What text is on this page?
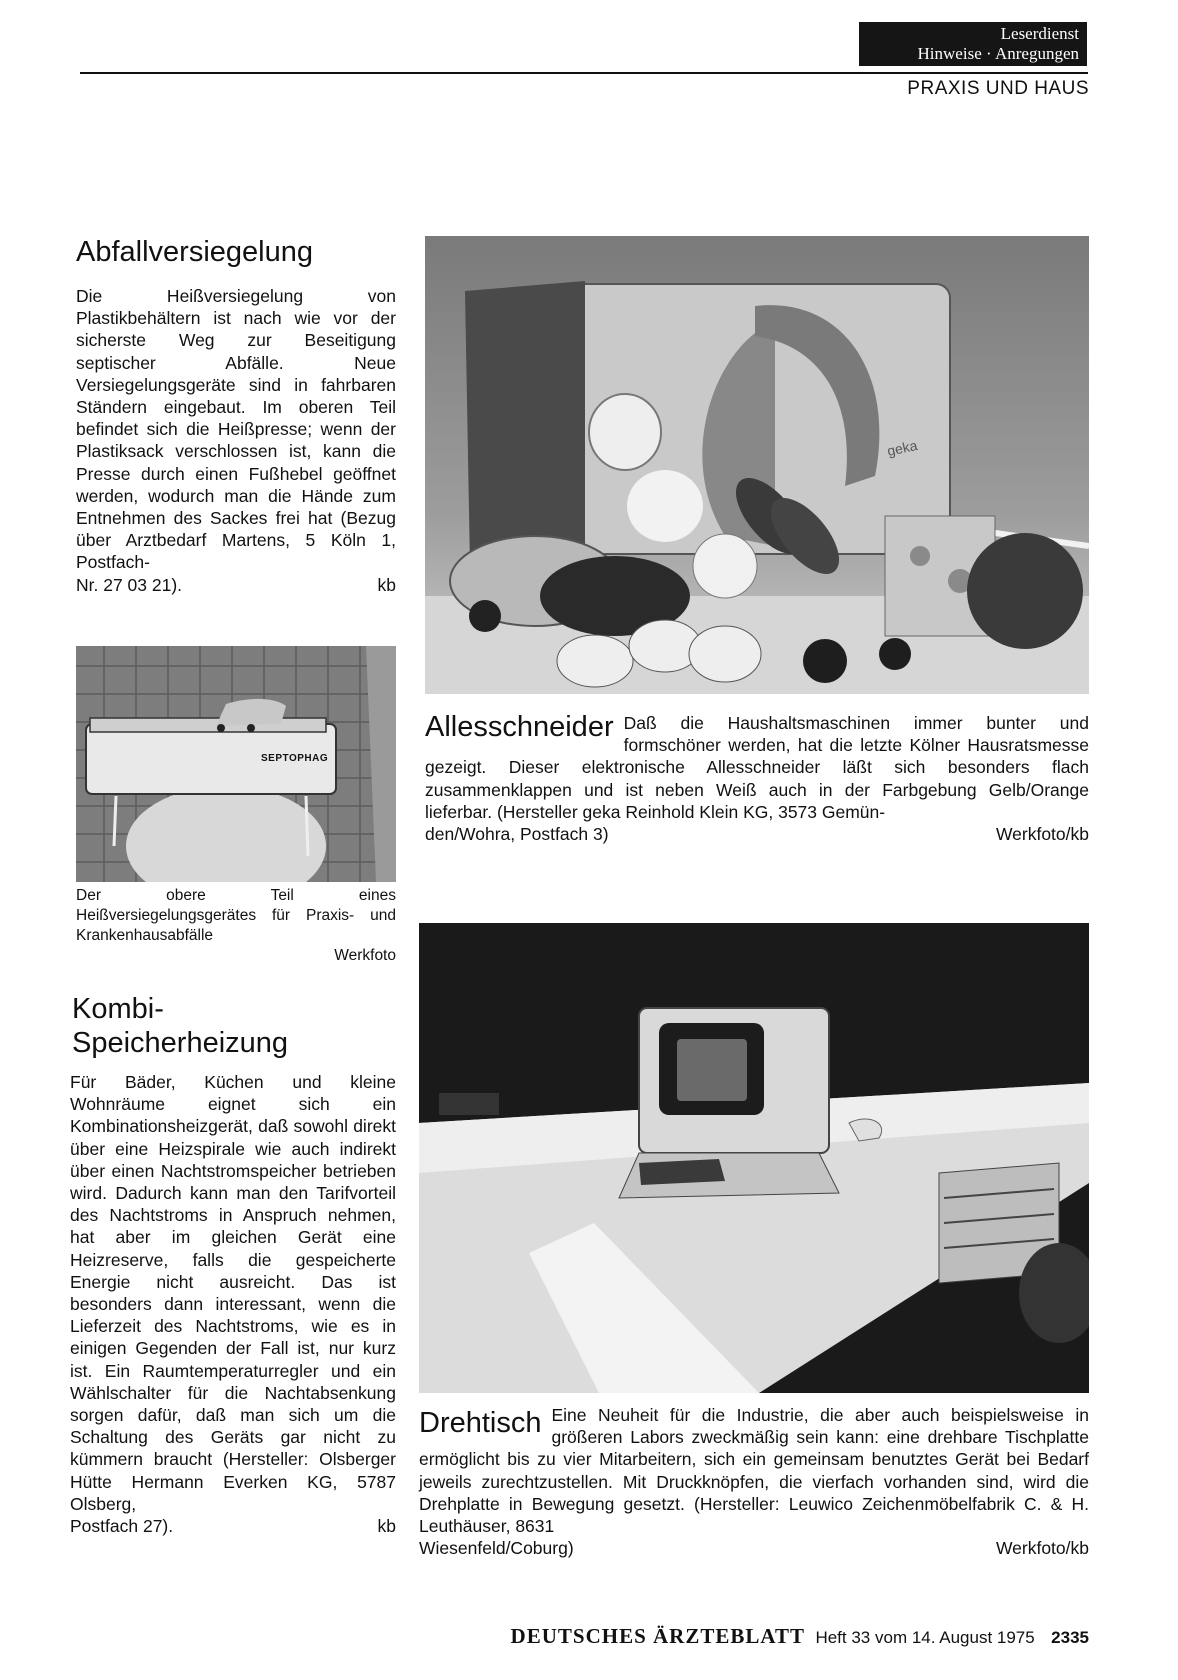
Leserdienst
Hinweise · Anregungen
PRAXIS UND HAUS
Abfallversiegelung
Die Heißversiegelung von Plastikbehältern ist nach wie vor der sicherste Weg zur Beseitigung septischer Abfälle. Neue Versiegelungsgeräte sind in fahrbaren Ständern eingebaut. Im oberen Teil befindet sich die Heißpresse; wenn der Plastiksack verschlossen ist, kann die Presse durch einen Fußhebel geöffnet werden, wodurch man die Hände zum Entnehmen des Sackes frei hat (Bezug über Arztbedarf Martens, 5 Köln 1, Postfach-
Nr. 27 03 21).	kb
SEPTOPHAG
Der obere Teil eines Heißversiegelungsgerätes für Praxis- und Krankenhausabfälle
Werkfoto
Kombi-
Speicherheizung
Für Bäder, Küchen und kleine Wohnräume eignet sich ein Kombinationsheizgerät, daß sowohl direkt über eine Heizspirale wie auch indirekt über einen Nachtstromspeicher betrieben wird. Dadurch kann man den Tarifvorteil des Nachtstroms in Anspruch nehmen, hat aber im gleichen Gerät eine Heizreserve, falls die gespeicherte Energie nicht ausreicht. Das ist besonders dann interessant, wenn die Lieferzeit des Nachtstroms, wie es in einigen Gegenden der Fall ist, nur kurz ist. Ein Raumtemperaturregler und ein Wählschalter für die Nachtabsenkung sorgen dafür, daß man sich um die Schaltung des Geräts gar nicht zu kümmern braucht (Hersteller: Olsberger Hütte Hermann Everken KG, 5787 Olsberg,
Postfach 27).	kb
geka
Allesschneider Daß die Haushaltsmaschinen immer bunter und formschöner werden, hat die letzte Kölner Hausratsmesse gezeigt. Dieser elektronische Allesschneider läßt sich besonders flach zusammenklappen und ist neben Weiß auch in der Farbgebung Gelb/Orange lieferbar. (Hersteller geka Reinhold Klein KG, 3573 Gemün-
den/Wohra, Postfach 3)	Werkfoto/kb
Drehtisch Eine Neuheit für die Industrie, die aber auch beispielsweise in größeren Labors zweckmäßig sein kann: eine drehbare Tischplatte ermöglicht bis zu vier Mitarbeitern, sich ein gemeinsam benutztes Gerät bei Bedarf jeweils zurechtzustellen. Mit Druckknöpfen, die vierfach vorhanden sind, wird die Drehplatte in Bewegung gesetzt. (Hersteller: Leuwico Zeichenmöbelfabrik C. & H. Leuthäuser, 8631
Wiesenfeld/Coburg)	Werkfoto/kb
DEUTSCHES ÄRZTEBLATT Heft 33 vom 14. August 1975 2335
